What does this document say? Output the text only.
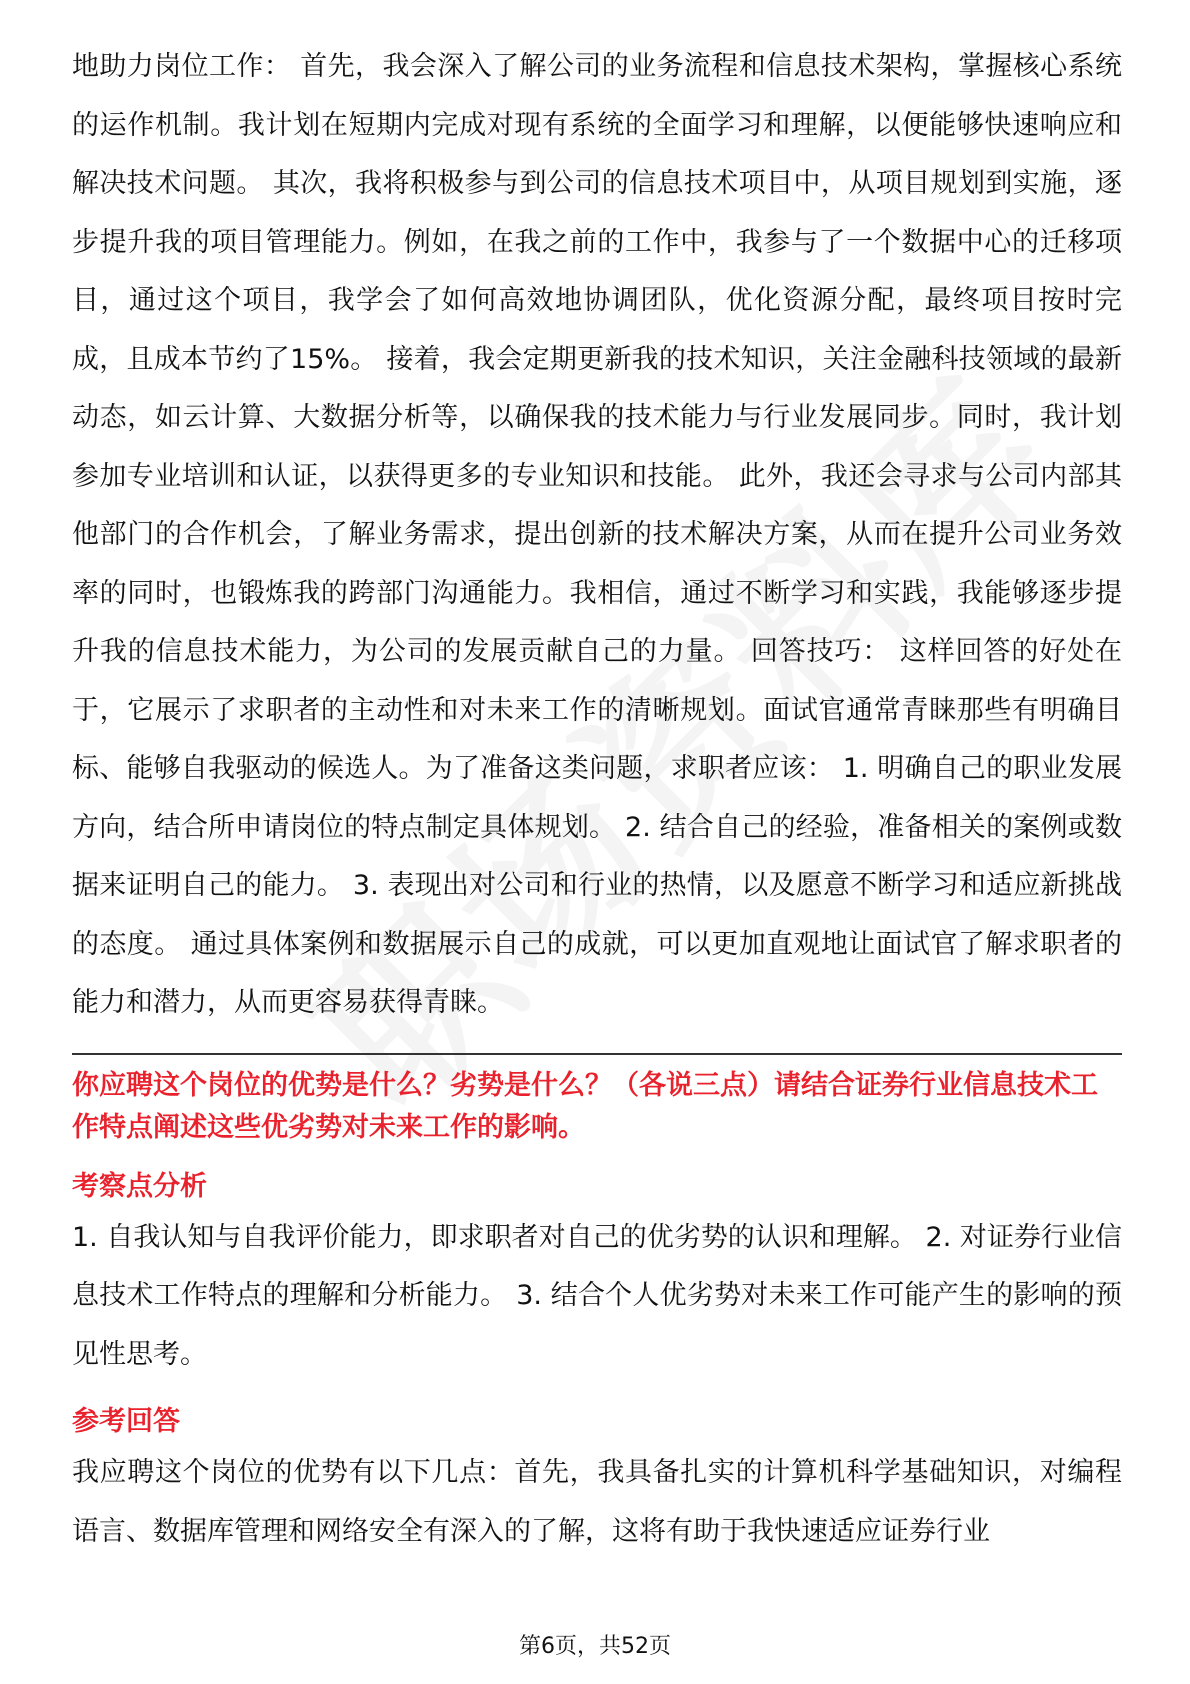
地助力岗位工作： 首先，我会深入了解公司的业务流程和信息技术架构，掌握核心系统的运作机制。我计划在短期内完成对现有系统的全面学习和理解，以便能够快速响应和解决技术问题。 其次，我将积极参与到公司的信息技术项目中，从项目规划到实施，逐步提升我的项目管理能力。例如，在我之前的工作中，我参与了一个数据中心的迁移项目，通过这个项目，我学会了如何高效地协调团队，优化资源分配，最终项目按时完成，且成本节约了15%。 接着，我会定期更新我的技术知识，关注金融科技领域的最新动态，如云计算、大数据分析等，以确保我的技术能力与行业发展同步。同时，我计划参加专业培训和认证，以获得更多的专业知识和技能。 此外，我还会寻求与公司内部其他部门的合作机会，了解业务需求，提出创新的技术解决方案，从而在提升公司业务效率的同时，也锻炼我的跨部门沟通能力。我相信，通过不断学习和实践，我能够逐步提升我的信息技术能力，为公司的发展贡献自己的力量。 回答技巧： 这样回答的好处在于，它展示了求职者的主动性和对未来工作的清晰规划。面试官通常青睐那些有明确目标、能够自我驱动的候选人。为了准备这类问题，求职者应该： 1. 明确自己的职业发展方向，结合所申请岗位的特点制定具体规划。 2. 结合自己的经验，准备相关的案例或数据来证明自己的能力。 3. 表现出对公司和行业的热情，以及愿意不断学习和适应新挑战的态度。 通过具体案例和数据展示自己的成就，可以更加直观地让面试官了解求职者的能力和潜力，从而更容易获得青睐。

你应聘这个岗位的优势是什么？劣势是什么？（各说三点）请结合证券行业信息技术工作特点阐述这些优劣势对未来工作的影响。

考察点分析

1. 自我认知与自我评价能力，即求职者对自己的优劣势的认识和理解。 2. 对证券行业信息技术工作特点的理解和分析能力。 3. 结合个人优劣势对未来工作可能产生的影响的预见性思考。

参考回答

我应聘这个岗位的优势有以下几点：首先，我具备扎实的计算机科学基础知识，对编程语言、数据库管理和网络安全有深入的了解，这将有助于我快速适应证券行业

第6页，共52页
